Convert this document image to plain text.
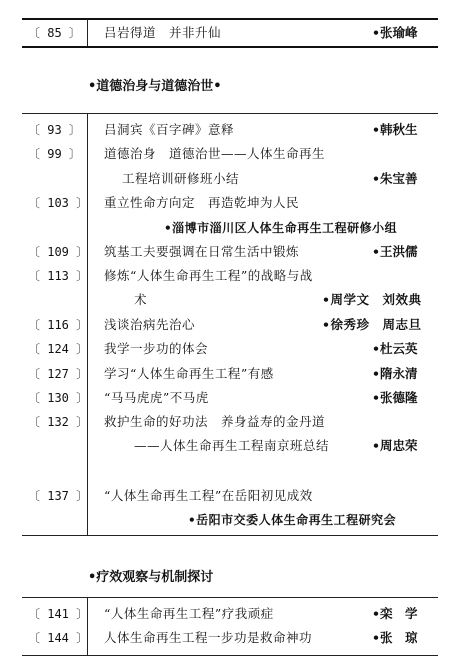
〔 85 〕 吕岩得道　并非升仙	•张瑜峰
•道德治身与道德治世•
〔 93 〕 吕洞宾《百字碑》意释	•韩秋生
〔 99 〕 道德治身　道德治世——人体生命再生
工程培训研修班小结	•朱宝善
〔 103 〕 重立性命方向定　再造乾坤为人民
•淄博市淄川区人体生命再生工程研修小组
〔 109 〕 筑基工夫要强调在日常生活中锻炼	•王洪儒
〔 113 〕 修炼“人体生命再生工程”的战略与战
术	•周学文　刘效典
〔 116 〕 浅谈治病先治心	•徐秀珍　周志旦
〔 124 〕 我学一步功的体会	•杜云英
〔 127 〕 学习“人体生命再生工程”有感	•隋永清
〔 130 〕 “马马虎虎”不马虎	•张德隆
〔 132 〕 救护生命的好功法　养身益寿的金丹道
——人体生命再生工程南京班总结	•周忠荣
〔 137 〕 “人体生命再生工程”在岳阳初见成效
•岳阳市交委人体生命再生工程研究会
•疗效观察与机制探讨
〔 141 〕 “人体生命再生工程”疗我顽症	•栾　学
〔 144 〕 人体生命再生工程一步功是救命神功	•张　琼
